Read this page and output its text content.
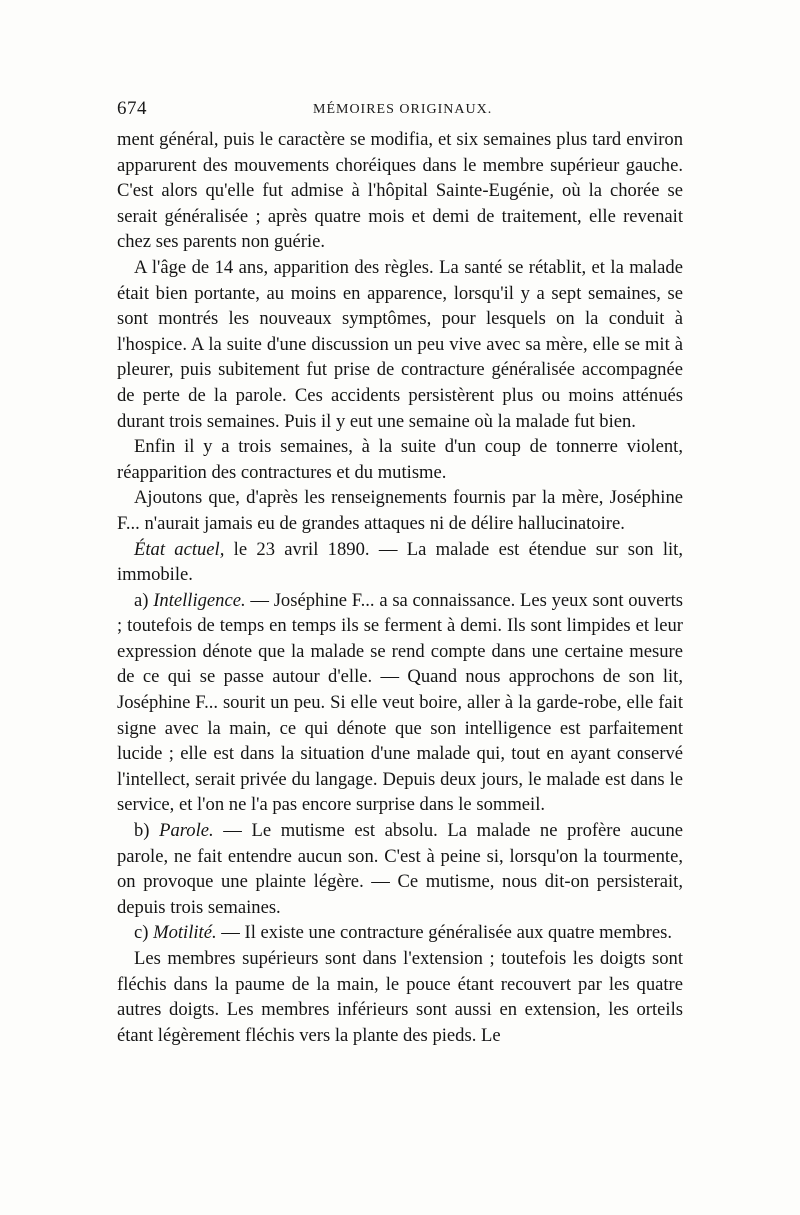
674	MÉMOIRES ORIGINAUX.

ment général, puis le caractère se modifia, et six semaines plus tard environ apparurent des mouvements choréiques dans le membre supérieur gauche. C'est alors qu'elle fut admise à l'hôpital Sainte-Eugénie, où la chorée se serait généralisée ; après quatre mois et demi de traitement, elle revenait chez ses parents non guérie.

A l'âge de 14 ans, apparition des règles. La santé se rétablit, et la malade était bien portante, au moins en apparence, lorsqu'il y a sept semaines, se sont montrés les nouveaux symptômes, pour lesquels on la conduit à l'hospice. A la suite d'une discussion un peu vive avec sa mère, elle se mit à pleurer, puis subitement fut prise de contracture généralisée accompagnée de perte de la parole. Ces accidents persistèrent plus ou moins atténués durant trois semaines. Puis il y eut une semaine où la malade fut bien.

Enfin il y a trois semaines, à la suite d'un coup de tonnerre violent, réapparition des contractures et du mutisme.

Ajoutons que, d'après les renseignements fournis par la mère, Joséphine F... n'aurait jamais eu de grandes attaques ni de délire hallucinatoire.

État actuel, le 23 avril 1890. — La malade est étendue sur son lit, immobile.

a) Intelligence. — Joséphine F... a sa connaissance. Les yeux sont ouverts ; toutefois de temps en temps ils se ferment à demi. Ils sont limpides et leur expression dénote que la malade se rend compte dans une certaine mesure de ce qui se passe autour d'elle. — Quand nous approchons de son lit, Joséphine F... sourit un peu. Si elle veut boire, aller à la garde-robe, elle fait signe avec la main, ce qui dénote que son intelligence est parfaitement lucide ; elle est dans la situation d'une malade qui, tout en ayant conservé l'intellect, serait privée du langage. Depuis deux jours, le malade est dans le service, et l'on ne l'a pas encore surprise dans le sommeil.

b) Parole. — Le mutisme est absolu. La malade ne profère aucune parole, ne fait entendre aucun son. C'est à peine si, lorsqu'on la tourmente, on provoque une plainte légère. — Ce mutisme, nous dit-on persisterait, depuis trois semaines.

c) Motilité. — Il existe une contracture généralisée aux quatre membres.

Les membres supérieurs sont dans l'extension ; toutefois les doigts sont fléchis dans la paume de la main, le pouce étant recouvert par les quatre autres doigts. Les membres inférieurs sont aussi en extension, les orteils étant légèrement fléchis vers la plante des pieds. Le
